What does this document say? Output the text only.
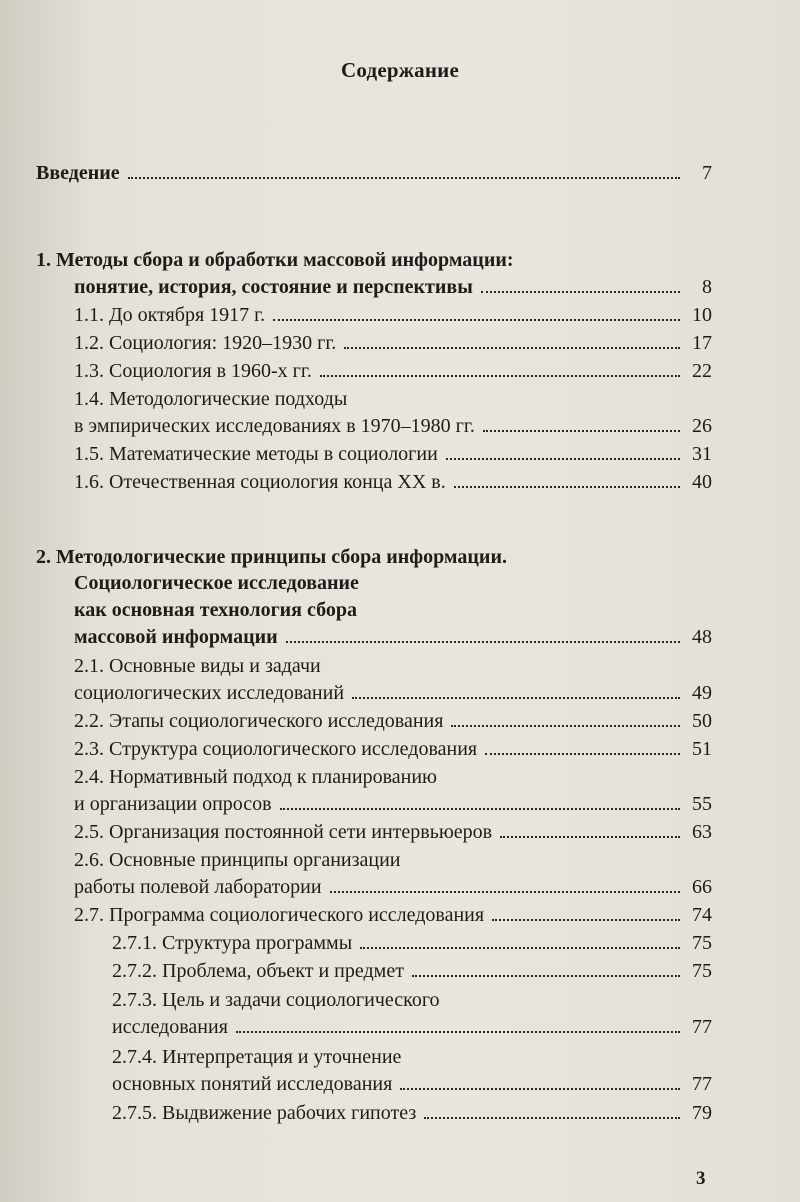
Содержание
Введение	7
1. Методы сбора и обработки массовой информации:
понятие, история, состояние и перспективы	8
1.1. До октября 1917 г.	10
1.2. Социология: 1920–1930 гг.	17
1.3. Социология в 1960-х гг.	22
1.4. Методологические подходы
в эмпирических исследованиях в 1970–1980 гг.	26
1.5. Математические методы в социологии	31
1.6. Отечественная социология конца XX в.	40
2. Методологические принципы сбора информации.
Социологическое исследование
как основная технология сбора
массовой информации	48
2.1. Основные виды и задачи
социологических исследований	49
2.2. Этапы социологического исследования	50
2.3. Структура социологического исследования	51
2.4. Нормативный подход к планированию
и организации опросов	55
2.5. Организация постоянной сети интервьюеров	63
2.6. Основные принципы организации
работы полевой лаборатории	66
2.7. Программа социологического исследования	74
2.7.1. Структура программы	75
2.7.2. Проблема, объект и предмет	75
2.7.3. Цель и задачи социологического
исследования	77
2.7.4. Интерпретация и уточнение
основных понятий исследования	77
2.7.5. Выдвижение рабочих гипотез	79
3
